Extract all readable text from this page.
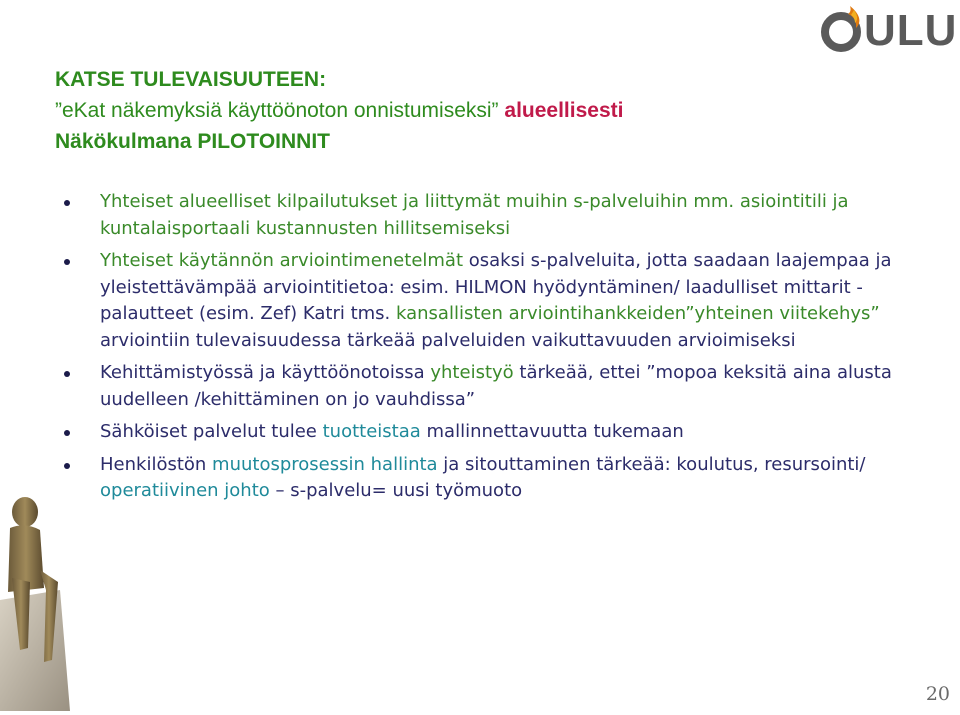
ULU
KATSE TULEVAISUUTEEN:
”eKat näkemyksiä käyttöönoton onnistumiseksi” alueellisesti
Näkökulmana PILOTOINNIT
Yhteiset alueelliset kilpailutukset ja liittymät muihin s-palveluihin mm. asiointitili ja kuntalaisportaali kustannusten hillitsemiseksi
Yhteiset käytännön arviointimenetelmät osaksi s-palveluita, jotta saadaan laajempaa ja yleistettävämpää arviointitietoa: esim. HILMON hyödyntäminen/ laadulliset mittarit - palautteet (esim. Zef) Katri tms. kansallisten arviointihankkeiden”yhteinen viitekehys” arviointiin tulevaisuudessa tärkeää palveluiden vaikuttavuuden arvioimiseksi
Kehittämistyössä ja käyttöönotoissa yhteistyö tärkeää, ettei ”mopoa keksitä aina alusta uudelleen /kehittäminen on jo vauhdissa”
Sähköiset palvelut tulee tuotteistaa mallinnettavuutta tukemaan
Henkilöstön muutosprosessin hallinta ja sitouttaminen tärkeää: koulutus, resursointi/ operatiivinen johto – s-palvelu= uusi työmuoto
20
